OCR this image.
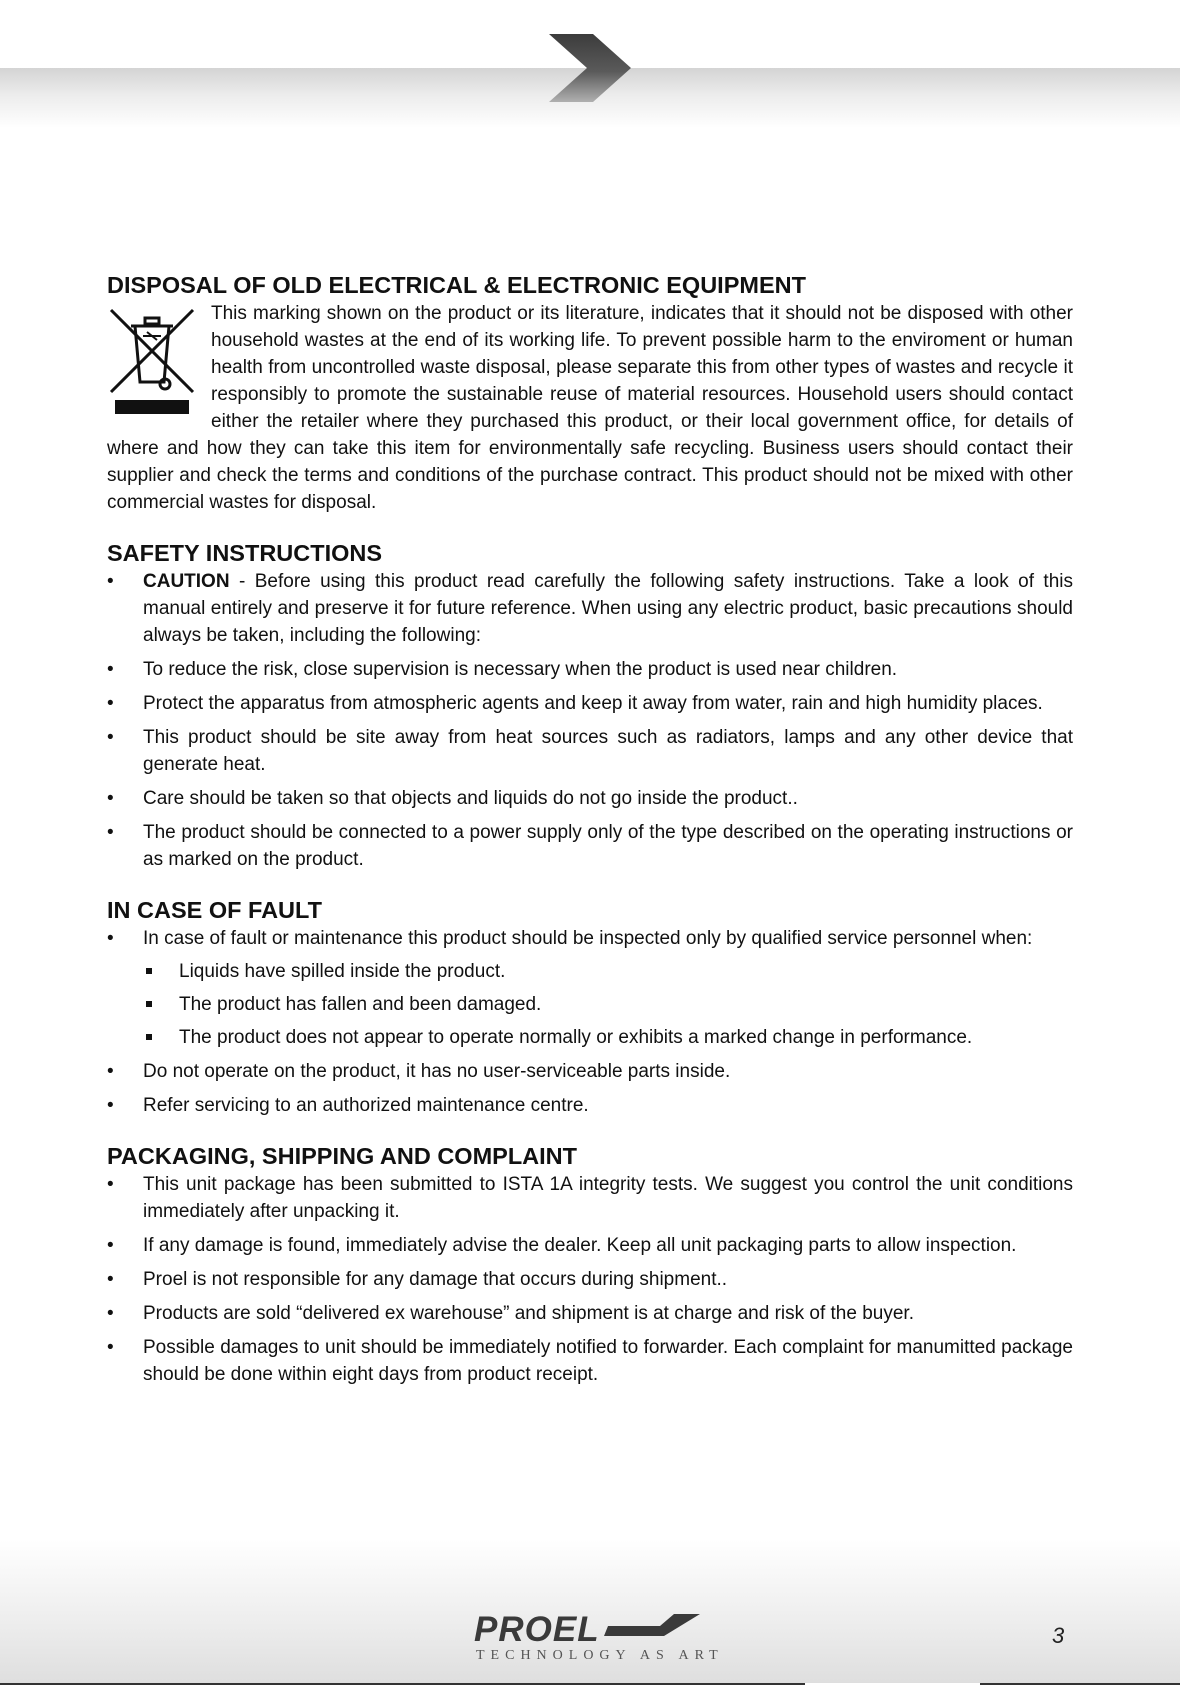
DISPOSAL OF OLD ELECTRICAL & ELECTRONIC EQUIPMENT

This marking shown on the product or its literature, indicates that it should not be disposed with other household wastes at the end of its working life. To prevent possible harm to the enviroment or human health from uncontrolled waste disposal, please separate this from other types of wastes and recycle it responsibly to promote the sustainable reuse of material resources. Household users should contact either the retailer where they purchased this product, or their local government office, for details of where and how they can take this item for environmentally safe recycling. Business users should contact their supplier and check the terms and conditions of the purchase contract. This product should not be mixed with other commercial wastes for disposal.

SAFETY INSTRUCTIONS
• CAUTION - Before using this product read carefully the following safety instructions. Take a look of this manual entirely and preserve it for future reference. When using any electric product, basic precautions should always be taken, including the following:
• To reduce the risk, close supervision is necessary when the product is used near children.
• Protect the apparatus from atmospheric agents and keep it away from water, rain and high humidity places.
• This product should be site away from heat sources such as radiators, lamps and any other device that generate heat.
• Care should be taken so that objects and liquids do not go inside the product..
• The product should be connected to a power supply only of the type described on the operating instructions or as marked on the product.
IN CASE OF FAULT
• In case of fault or maintenance this product should be inspected only by qualified service personnel when:
Liquids have spilled inside the product.
The product has fallen and been damaged.
The product does not appear to operate normally or exhibits a marked change in performance.
• Do not operate on the product, it has no user-serviceable parts inside.
• Refer servicing to an authorized maintenance centre.
PACKAGING, SHIPPING AND COMPLAINT
• This unit package has been submitted to ISTA 1A integrity tests. We suggest you control the unit conditions immediately after unpacking it.
• If any damage is found, immediately advise the dealer. Keep all unit packaging parts to allow inspection.
• Proel is not responsible for any damage that occurs during shipment..
• Products are sold “delivered ex warehouse” and shipment is at charge and risk of the buyer.
• Possible damages to unit should be immediately notified to forwarder. Each complaint for manumitted package should be done within eight days from product receipt.
PROEL
TECHNOLOGY AS ART
3
